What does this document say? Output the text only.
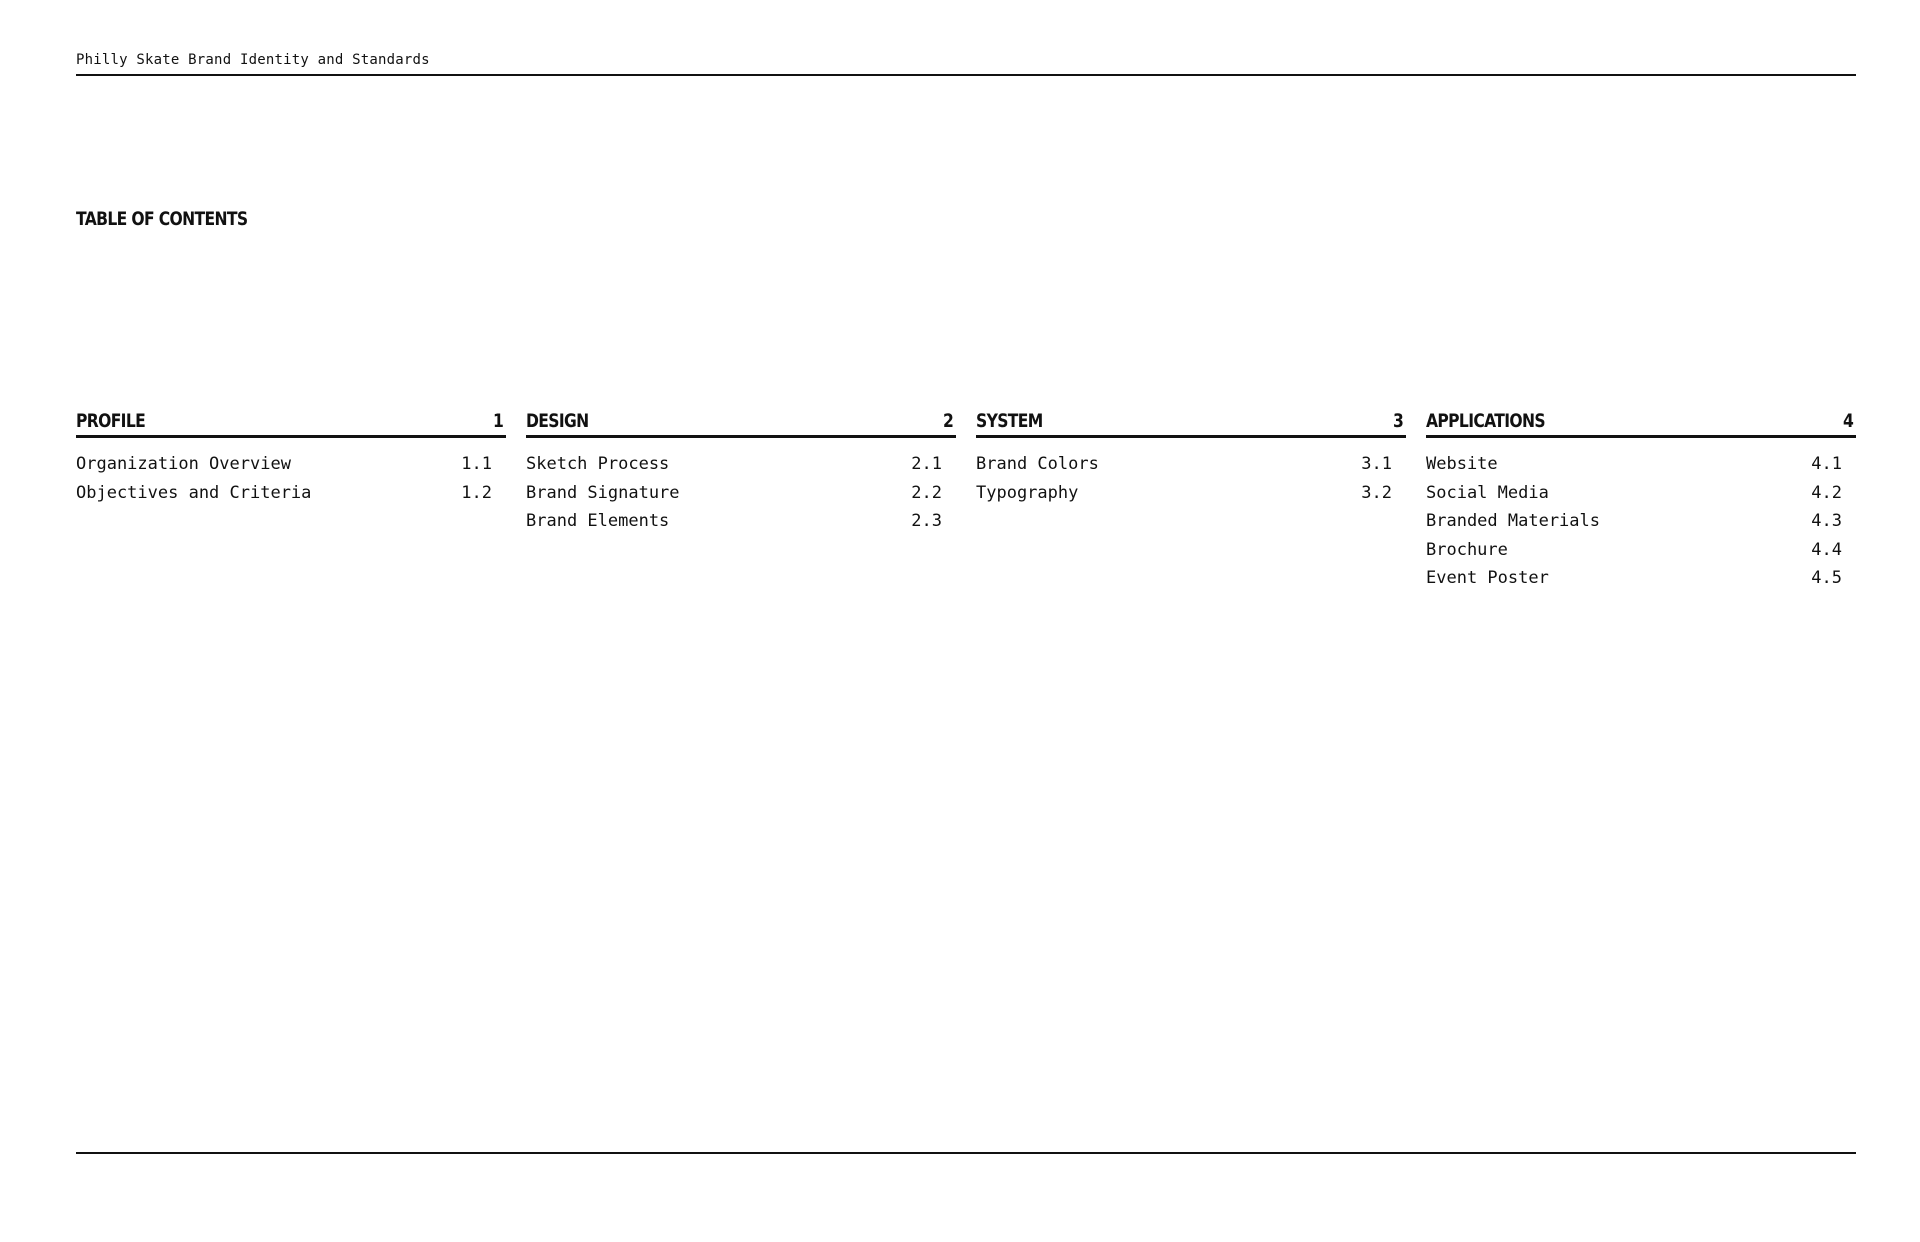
Philly Skate Brand Identity and Standards
TABLE OF CONTENTS
PROFILE	1
Organization Overview	1.1
Objectives and Criteria	1.2
DESIGN	2
Sketch Process	2.1
Brand Signature	2.2
Brand Elements	2.3
SYSTEM	3
Brand Colors	3.1
Typography	3.2
APPLICATIONS	4
Website	4.1
Social Media	4.2
Branded Materials	4.3
Brochure	4.4
Event Poster	4.5
